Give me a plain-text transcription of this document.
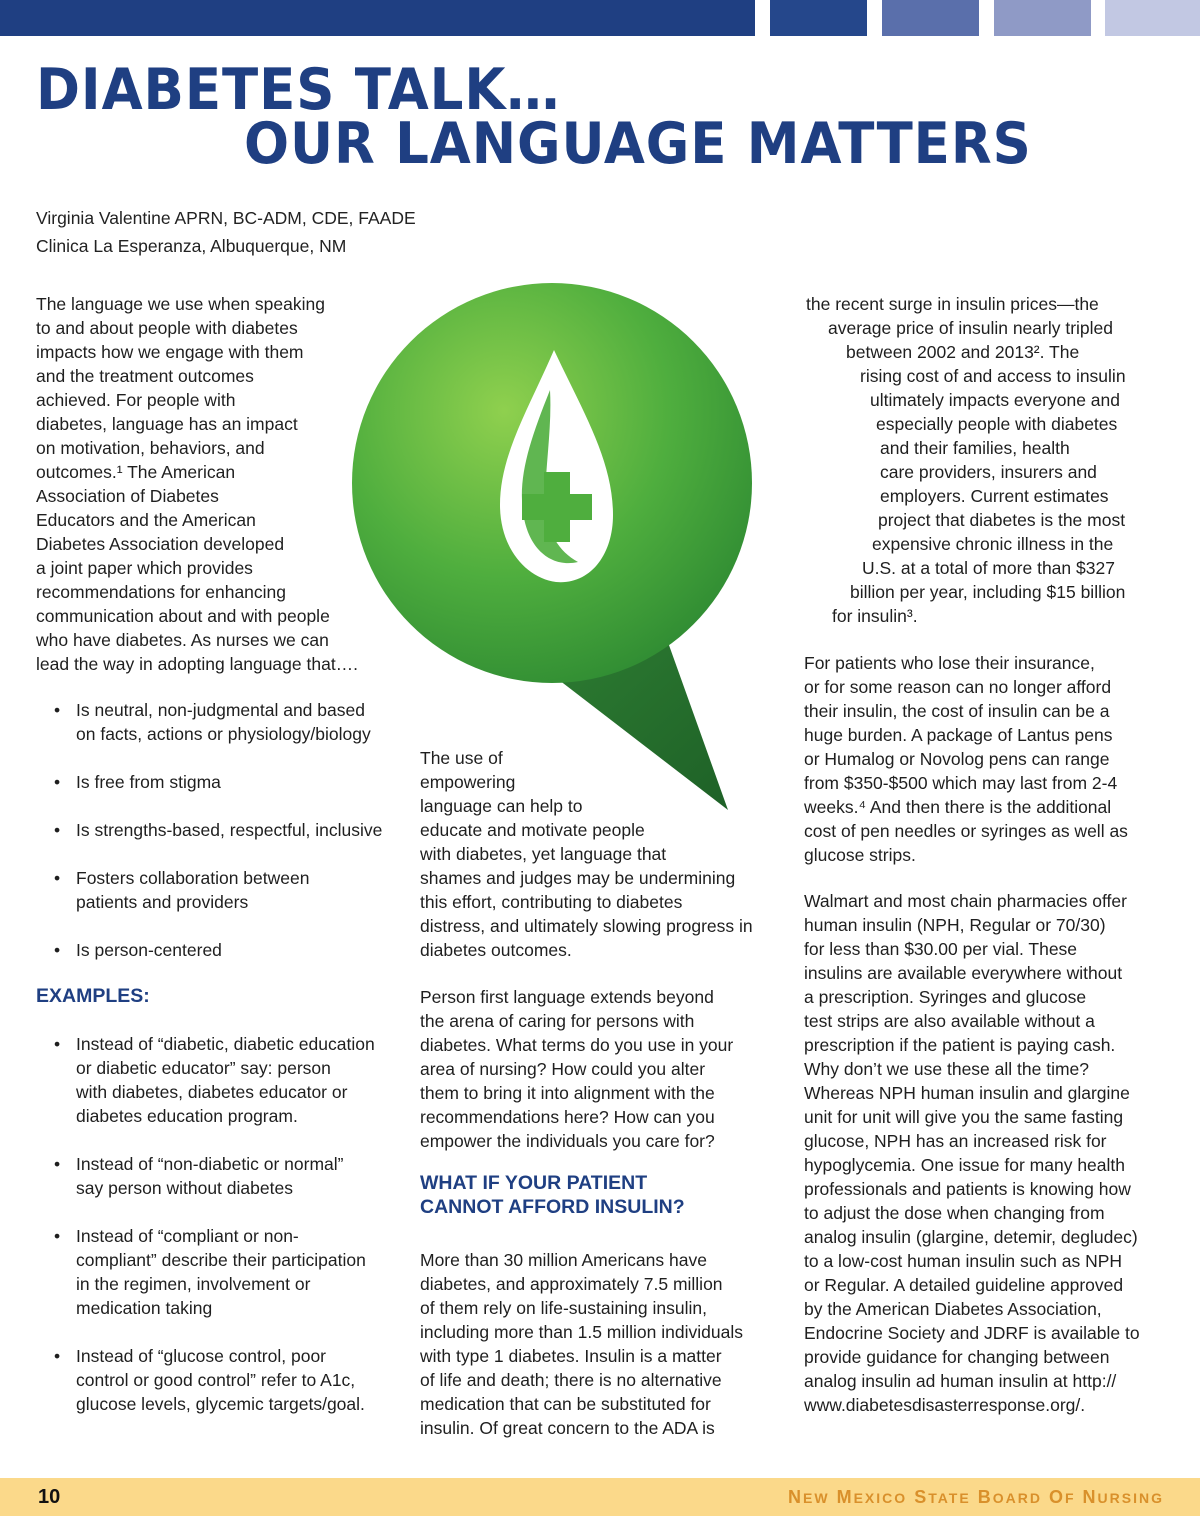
DIABETES TALK…
OUR LANGUAGE MATTERS
Virginia Valentine APRN, BC-ADM, CDE, FAADE
Clinica La Esperanza, Albuquerque, NM

The language we use when speaking

to and about people with diabetes

impacts how we engage with them

and the treatment outcomes

achieved. For people with

diabetes, language has an impact

on motivation, behaviors, and

outcomes.¹ The American

Association of Diabetes

Educators and the American

Diabetes Association developed

a joint paper which provides

recommendations for enhancing

communication about and with people

who have diabetes. As nurses we can

lead the way in adopting language that….

• Is neutral, non-judgmental and based
on facts, actions or physiology/biology
• Is free from stigma
• Is strengths-based, respectful, inclusive
• Fosters collaboration between
patients and providers
• Is person-centered
EXAMPLES:
• Instead of “diabetic, diabetic education
or diabetic educator” say: person
with diabetes, diabetes educator or
diabetes education program.
• Instead of “non-diabetic or normal”
say person without diabetes
• Instead of “compliant or non-
compliant” describe their participation
in the regimen, involvement or
medication taking
• Instead of “glucose control, poor
control or good control” refer to A1c,
glucose levels, glycemic targets/goal.

The use of

empowering

language can help to

educate and motivate people

with diabetes, yet language that

shames and judges may be undermining

this effort, contributing to diabetes

distress, and ultimately slowing progress in

diabetes outcomes.

Person first language extends beyond

the arena of caring for persons with

diabetes. What terms do you use in your

area of nursing? How could you alter

them to bring it into alignment with the

recommendations here? How can you

empower the individuals you care for?

WHAT IF YOUR PATIENT
CANNOT AFFORD INSULIN?

More than 30 million Americans have

diabetes, and approximately 7.5 million

of them rely on life-sustaining insulin,

including more than 1.5 million individuals

with type 1 diabetes. Insulin is a matter

of life and death; there is no alternative

medication that can be substituted for

insulin. Of great concern to the ADA is

the recent surge in insulin prices—the

average price of insulin nearly tripled

between 2002 and 2013². The

rising cost of and access to insulin

ultimately impacts everyone and

especially people with diabetes

and their families, health

care providers, insurers and

employers. Current estimates

project that diabetes is the most

expensive chronic illness in the

U.S. at a total of more than $327

billion per year, including $15 billion

for insulin³.

For patients who lose their insurance,

or for some reason can no longer afford

their insulin, the cost of insulin can be a

huge burden. A package of Lantus pens

or Humalog or Novolog pens can range

from $350-$500 which may last from 2-4

weeks.⁴ And then there is the additional

cost of pen needles or syringes as well as

glucose strips.

Walmart and most chain pharmacies offer

human insulin (NPH, Regular or 70/30)

for less than $30.00 per vial. These

insulins are available everywhere without

a prescription. Syringes and glucose

test strips are also available without a

prescription if the patient is paying cash.

Why don’t we use these all the time?

Whereas NPH human insulin and glargine

unit for unit will give you the same fasting

glucose, NPH has an increased risk for

hypoglycemia. One issue for many health

professionals and patients is knowing how

to adjust the dose when changing from

analog insulin (glargine, detemir, degludec)

to a low-cost human insulin such as NPH

or Regular. A detailed guideline approved

by the American Diabetes Association,

Endocrine Society and JDRF is available to

provide guidance for changing between

analog insulin ad human insulin at http://

www.diabetesdisasterresponse.org/.

10	NEW MEXICO STATE BOARD OF NURSING
